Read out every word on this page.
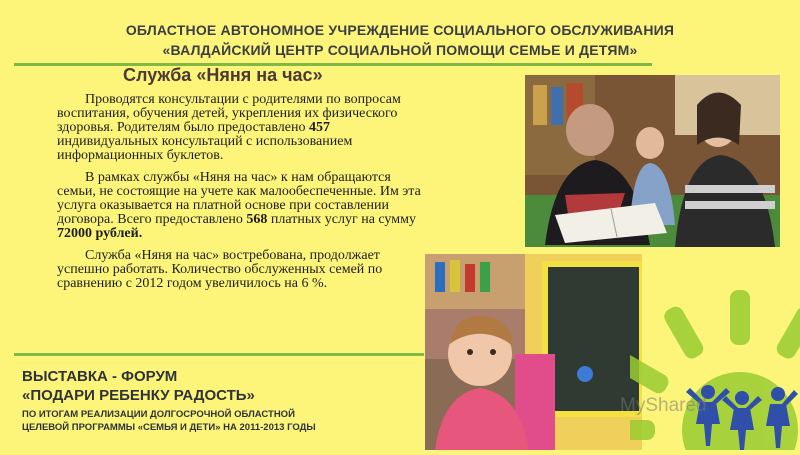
ОБЛАСТНОЕ АВТОНОМНОЕ УЧРЕЖДЕНИЕ СОЦИАЛЬНОГО ОБСЛУЖИВАНИЯ
«ВАЛДАЙСКИЙ ЦЕНТР СОЦИАЛЬНОЙ ПОМОЩИ СЕМЬЕ И ДЕТЯМ»
Служба «Няня на час»

Проводятся консультации с родителями по вопросам воспитания, обучения детей, укрепления их физического здоровья. Родителям было предоставлено 457 индивидуальных консультаций с использованием информационных буклетов.

В рамках службы «Няня на час» к нам обращаются семьи, не состоящие на учете как малообеспеченные. Им эта услуга оказывается на платной основе при составлении договора. Всего предоставлено 568 платных услуг на сумму 72000 рублей.

Служба «Няня на час» востребована, продолжает успешно работать. Количество обслуженных семей по сравнению с 2012 годом увеличилось на 6 %.

ВЫСТАВКА - ФОРУМ
«ПОДАРИ РЕБЕНКУ РАДОСТЬ»
ПО ИТОГАМ РЕАЛИЗАЦИИ ДОЛГОСРОЧНОЙ ОБЛАСТНОЙ
ЦЕЛЕВОЙ ПРОГРАММЫ «СЕМЬЯ И ДЕТИ» НА 2011-2013 ГОДЫ
MyShared
